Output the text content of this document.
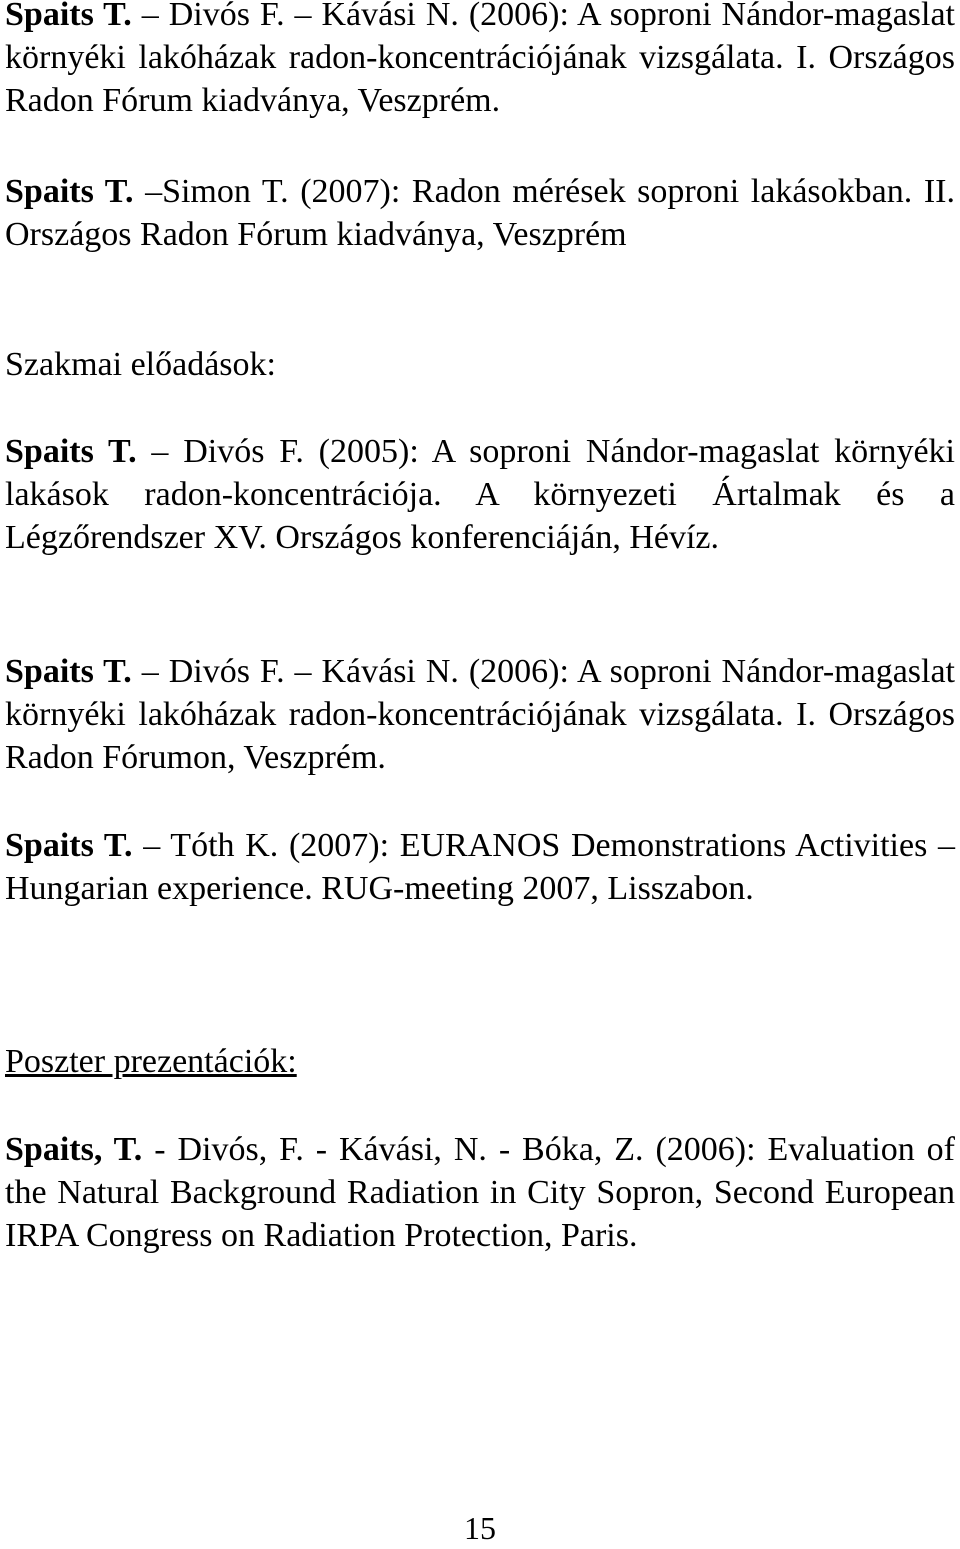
Spaits T. – Divós F. – Kávási N. (2006): A soproni Nándor-magaslat környéki lakóházak radon-koncentrációjának vizsgálata. I. Országos Radon Fórum kiadványa, Veszprém.

Spaits T. –Simon T. (2007): Radon mérések soproni lakásokban. II. Országos Radon Fórum kiadványa, Veszprém

Szakmai előadások:

Spaits T. – Divós F. (2005): A soproni Nándor-magaslat környéki lakások radon-koncentrációja. A környezeti Ártalmak és a Légzőrendszer XV. Országos konferenciáján, Hévíz.

Spaits T. – Divós F. – Kávási N. (2006): A soproni Nándor-magaslat környéki lakóházak radon-koncentrációjának vizsgálata. I. Országos Radon Fórumon, Veszprém.

Spaits T. – Tóth K. (2007): EURANOS Demonstrations Activities – Hungarian experience. RUG-meeting 2007, Lisszabon.

Poszter prezentációk:

Spaits, T. - Divós, F. - Kávási, N. - Bóka, Z. (2006): Evaluation of the Natural Background Radiation in City Sopron, Second European IRPA Congress on Radiation Protection, Paris.

15
